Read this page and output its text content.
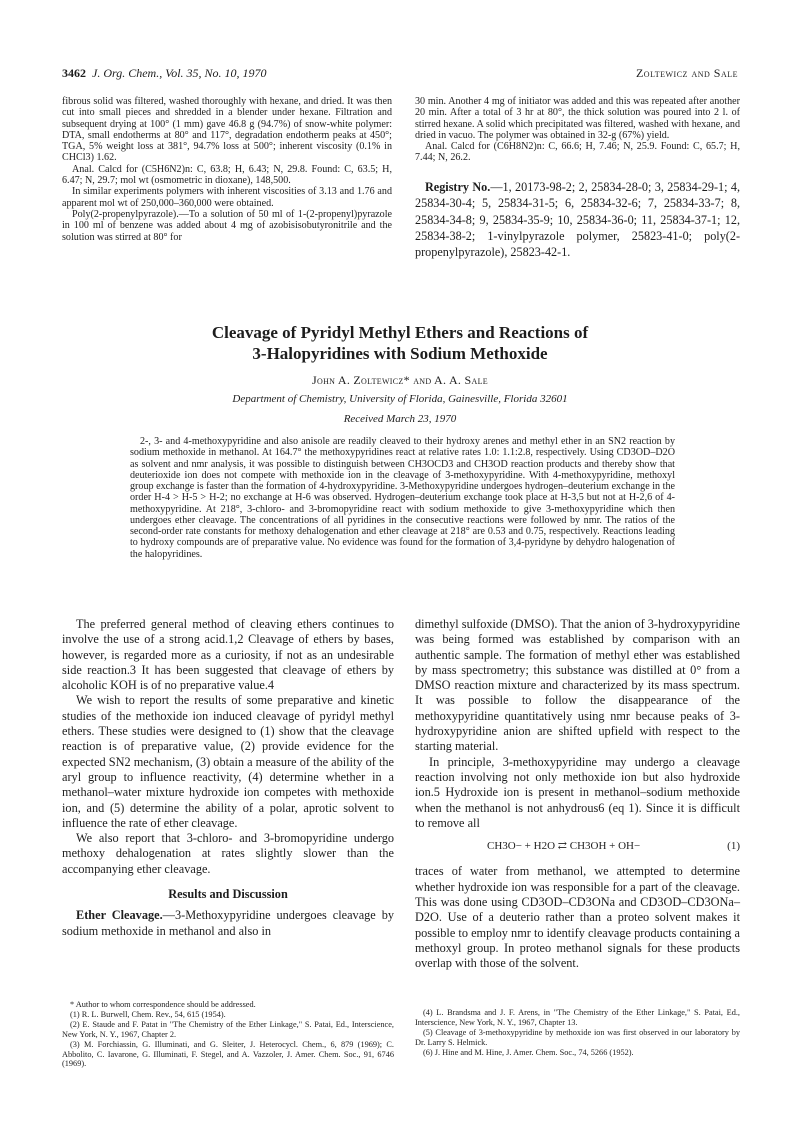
3462 J. Org. Chem., Vol. 35, No. 10, 1970	Zoltewicz and Sale

fibrous solid was filtered, washed thoroughly with hexane, and dried. It was then cut into small pieces and shredded in a blender under hexane. Filtration and subsequent drying at 100° (1 mm) gave 46.8 g (94.7%) of snow-white polymer: DTA, small endotherms at 80° and 117°, degradation endotherm peaks at 450°; TGA, 5% weight loss at 381°, 94.7% loss at 500°; inherent viscosity (0.1% in CHCl3) 1.62.

Anal. Calcd for (C5H6N2)n: C, 63.8; H, 6.43; N, 29.8. Found: C, 63.5; H, 6.47; N, 29.7; mol wt (osmometric in dioxane), 148,500.

In similar experiments polymers with inherent viscosities of 3.13 and 1.76 and apparent mol wt of 250,000–360,000 were obtained.

Poly(2-propenylpyrazole).—To a solution of 50 ml of 1-(2-propenyl)pyrazole in 100 ml of benzene was added about 4 mg of azobisisobutyronitrile and the solution was stirred at 80° for

30 min. Another 4 mg of initiator was added and this was repeated after another 20 min. After a total of 3 hr at 80°, the thick solution was poured into 2 l. of stirred hexane. A solid which precipitated was filtered, washed with hexane, and dried in vacuo. The polymer was obtained in 32-g (67%) yield.

Anal. Calcd for (C6H8N2)n: C, 66.6; H, 7.46; N, 25.9. Found: C, 65.7; H, 7.44; N, 26.2.

Registry No.—1, 20173-98-2; 2, 25834-28-0; 3, 25834-29-1; 4, 25834-30-4; 5, 25834-31-5; 6, 25834-32-6; 7, 25834-33-7; 8, 25834-34-8; 9, 25834-35-9; 10, 25834-36-0; 11, 25834-37-1; 12, 25834-38-2; 1-vinylpyrazole polymer, 25823-41-0; poly(2-propenylpyrazole), 25823-42-1.
Cleavage of Pyridyl Methyl Ethers and Reactions of
3-Halopyridines with Sodium Methoxide
John A. Zoltewicz* and A. A. Sale
Department of Chemistry, University of Florida, Gainesville, Florida 32601
Received March 23, 1970
2-, 3- and 4-methoxypyridine and also anisole are readily cleaved to their hydroxy arenes and methyl ether in an SN2 reaction by sodium methoxide in methanol. At 164.7° the methoxypyridines react at relative rates 1.0: 1.1:2.8, respectively. Using CD3OD–D2O as solvent and nmr analysis, it was possible to distinguish between CH3OCD3 and CH3OD reaction products and thereby show that deuterioxide ion does not compete with methoxide ion in the cleavage of 3-methoxypyridine. With 4-methoxypyridine, methoxyl group exchange is faster than the formation of 4-hydroxypyridine. 3-Methoxypyridine undergoes hydrogen–deuterium exchange in the order H-4 > H-5 > H-2; no exchange at H-6 was observed. Hydrogen–deuterium exchange took place at H-3,5 but not at H-2,6 of 4-methoxypyridine. At 218°, 3-chloro- and 3-bromopyridine react with sodium methoxide to give 3-methoxypyridine which then undergoes ether cleavage. The concentrations of all pyridines in the consecutive reactions were followed by nmr. The ratios of the second-order rate constants for methoxy dehalogenation and ether cleavage at 218° are 0.53 and 0.75, respectively. Reactions leading to hydroxy compounds are of preparative value. No evidence was found for the formation of 3,4-pyridyne by dehydro halogenation of the halopyridines.

The preferred general method of cleaving ethers continues to involve the use of a strong acid.1,2 Cleavage of ethers by bases, however, is regarded more as a curiosity, if not as an undesirable side reaction.3 It has been suggested that cleavage of ethers by alcoholic KOH is of no preparative value.4

We wish to report the results of some preparative and kinetic studies of the methoxide ion induced cleavage of pyridyl methyl ethers. These studies were designed to (1) show that the cleavage reaction is of preparative value, (2) provide evidence for the expected SN2 mechanism, (3) obtain a measure of the ability of the aryl group to influence reactivity, (4) determine whether in a methanol–water mixture hydroxide ion competes with methoxide ion, and (5) determine the ability of a polar, aprotic solvent to influence the rate of ether cleavage.

We also report that 3-chloro- and 3-bromopyridine undergo methoxy dehalogenation at rates slightly slower than the accompanying ether cleavage.

Results and Discussion

Ether Cleavage.—3-Methoxypyridine undergoes cleavage by sodium methoxide in methanol and also in

dimethyl sulfoxide (DMSO). That the anion of 3-hydroxypyridine was being formed was established by comparison with an authentic sample. The formation of methyl ether was established by mass spectrometry; this substance was distilled at 0° from a DMSO reaction mixture and characterized by its mass spectrum. It was possible to follow the disappearance of the methoxypyridine quantitatively using nmr because peaks of 3-hydroxypyridine anion are shifted upfield with respect to the starting material.

In principle, 3-methoxypyridine may undergo a cleavage reaction involving not only methoxide ion but also hydroxide ion.5 Hydroxide ion is present in methanol–sodium methoxide when the methanol is not anhydrous6 (eq 1). Since it is difficult to remove all

CH3O− + H2O ⇄ CH3OH + OH−	(1)

traces of water from methanol, we attempted to determine whether hydroxide ion was responsible for a part of the cleavage. This was done using CD3OD–CD3ONa and CD3OD–CD3ONa–D2O. Use of a deuterio rather than a proteo solvent makes it possible to employ nmr to identify cleavage products containing a methoxyl group. In proteo methanol signals for these products overlap with those of the solvent.

* Author to whom correspondence should be addressed.

(1) R. L. Burwell, Chem. Rev., 54, 615 (1954).

(2) E. Staude and F. Patat in "The Chemistry of the Ether Linkage," S. Patai, Ed., Interscience, New York, N. Y., 1967, Chapter 2.

(3) M. Forchiassin, G. Illuminati, and G. Sleiter, J. Heterocycl. Chem., 6, 879 (1969); C. Abbolito, C. Iavarone, G. Illuminati, F. Stegel, and A. Vazzoler, J. Amer. Chem. Soc., 91, 6746 (1969).

(4) L. Brandsma and J. F. Arens, in "The Chemistry of the Ether Linkage," S. Patai, Ed., Interscience, New York, N. Y., 1967, Chapter 13.

(5) Cleavage of 3-methoxypyridine by methoxide ion was first observed in our laboratory by Dr. Larry S. Helmick.

(6) J. Hine and M. Hine, J. Amer. Chem. Soc., 74, 5266 (1952).
